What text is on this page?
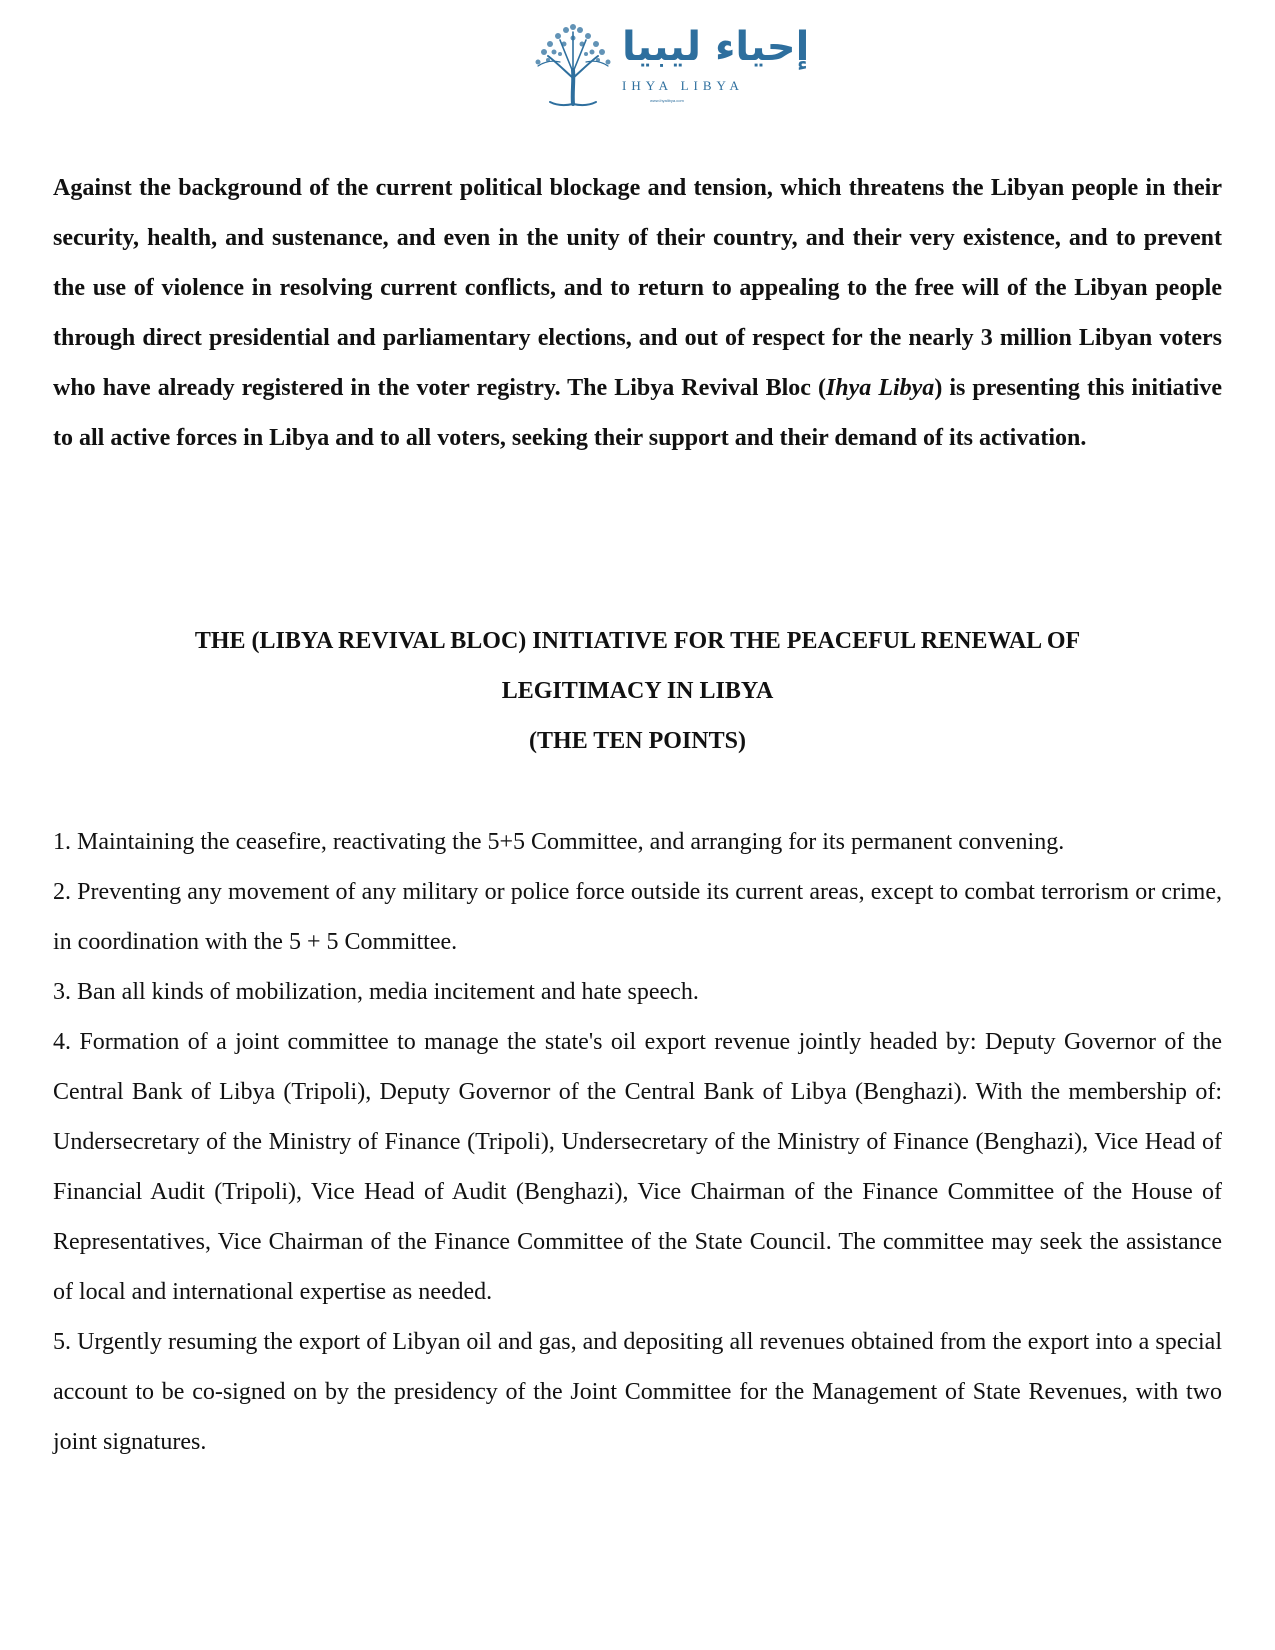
إحياء ليبيا
IHYA LIBYA
www.ihyalibya.com

Against the background of the current political blockage and tension, which threatens the Libyan people in their security, health, and sustenance, and even in the unity of their country, and their very existence, and to prevent the use of violence in resolving current conflicts, and to return to appealing to the free will of the Libyan people through direct presidential and parliamentary elections, and out of respect for the nearly 3 million Libyan voters who have already registered in the voter registry. The Libya Revival Bloc (Ihya Libya) is presenting this initiative to all active forces in Libya and to all voters, seeking their support and their demand of its activation.

THE (LIBYA REVIVAL BLOC) INITIATIVE FOR THE PEACEFUL RENEWAL OF
LEGITIMACY IN LIBYA
(THE TEN POINTS)

1. Maintaining the ceasefire, reactivating the 5+5 Committee, and arranging for its permanent convening.

2. Preventing any movement of any military or police force outside its current areas, except to combat terrorism or crime, in coordination with the 5 + 5 Committee.

3. Ban all kinds of mobilization, media incitement and hate speech.

4. Formation of a joint committee to manage the state's oil export revenue jointly headed by: Deputy Governor of the Central Bank of Libya (Tripoli), Deputy Governor of the Central Bank of Libya (Benghazi). With the membership of: Undersecretary of the Ministry of Finance (Tripoli), Undersecretary of the Ministry of Finance (Benghazi), Vice Head of Financial Audit (Tripoli), Vice Head of Audit (Benghazi), Vice Chairman of the Finance Committee of the House of Representatives, Vice Chairman of the Finance Committee of the State Council. The committee may seek the assistance of local and international expertise as needed.

5. Urgently resuming the export of Libyan oil and gas, and depositing all revenues obtained from the export into a special account to be co-signed on by the presidency of the Joint Committee for the Management of State Revenues, with two joint signatures.
